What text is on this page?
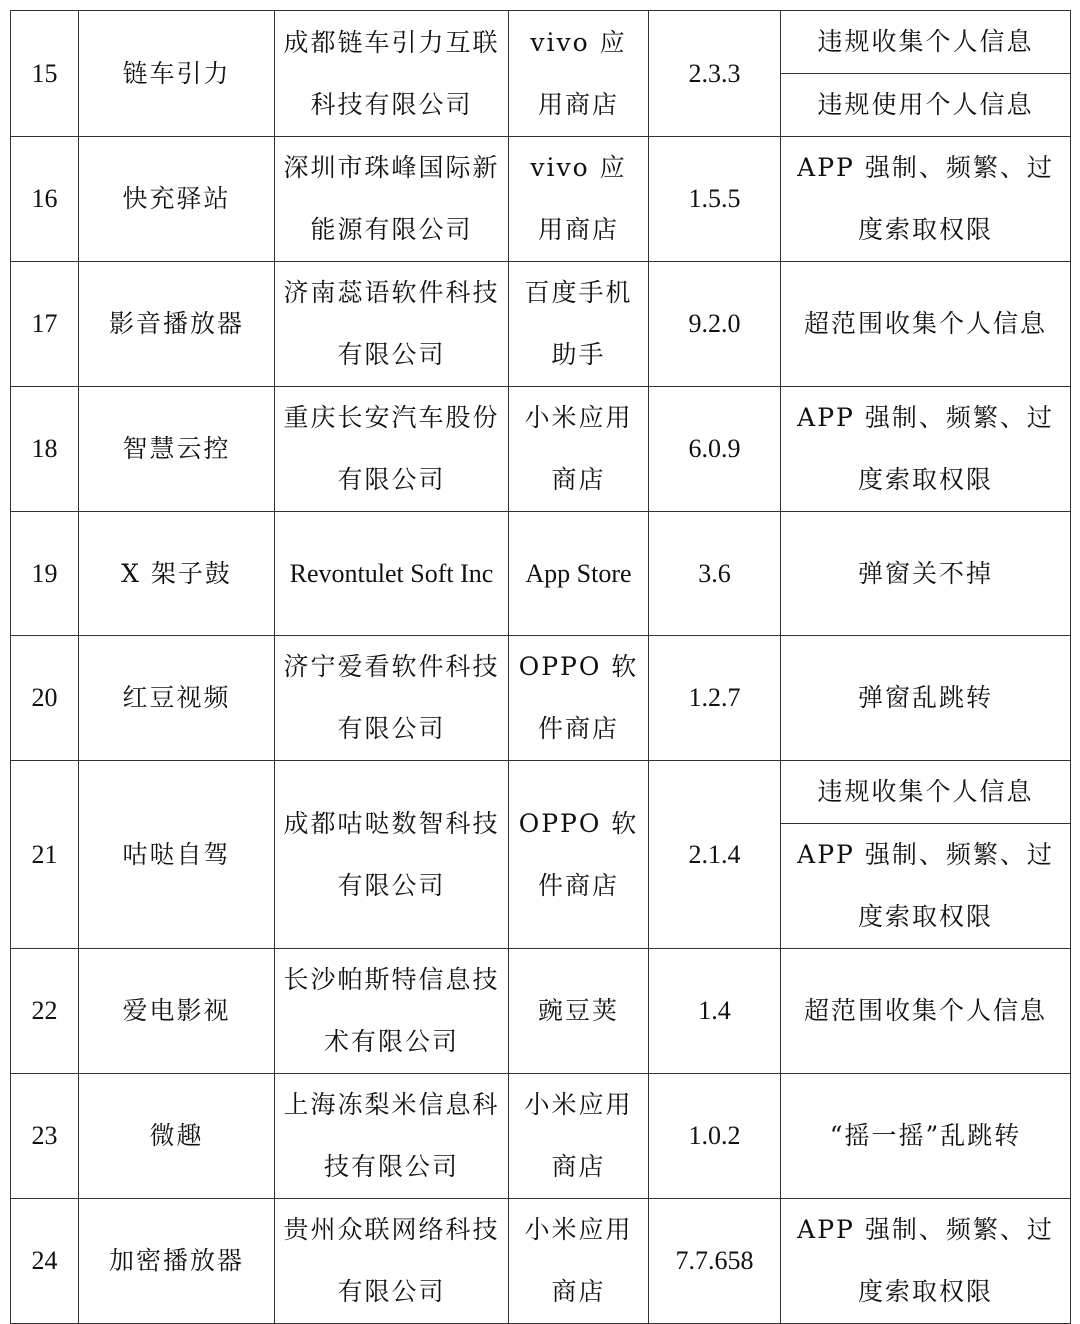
15	链车引力	成都链车引力互联科技有限公司	vivo 应用商店	2.3.3	违规收集个人信息
					违规使用个人信息
16	快充驿站	深圳市珠峰国际新能源有限公司	vivo 应用商店	1.5.5	APP 强制、频繁、过度索取权限
17	影音播放器	济南蕊语软件科技有限公司	百度手机助手	9.2.0	超范围收集个人信息
18	智慧云控	重庆长安汽车股份有限公司	小米应用商店	6.0.9	APP 强制、频繁、过度索取权限
19	X 架子鼓	Revontulet Soft Inc	App Store	3.6	弹窗关不掉
20	红豆视频	济宁爱看软件科技有限公司	OPPO 软件商店	1.2.7	弹窗乱跳转
21	咕哒自驾	成都咕哒数智科技有限公司	OPPO 软件商店	2.1.4	违规收集个人信息
					APP 强制、频繁、过度索取权限
22	爱电影视	长沙帕斯特信息技术有限公司	豌豆荚	1.4	超范围收集个人信息
23	微趣	上海冻梨米信息科技有限公司	小米应用商店	1.0.2	“摇一摇”乱跳转
24	加密播放器	贵州众联网络科技有限公司	小米应用商店	7.7.658	APP 强制、频繁、过度索取权限
